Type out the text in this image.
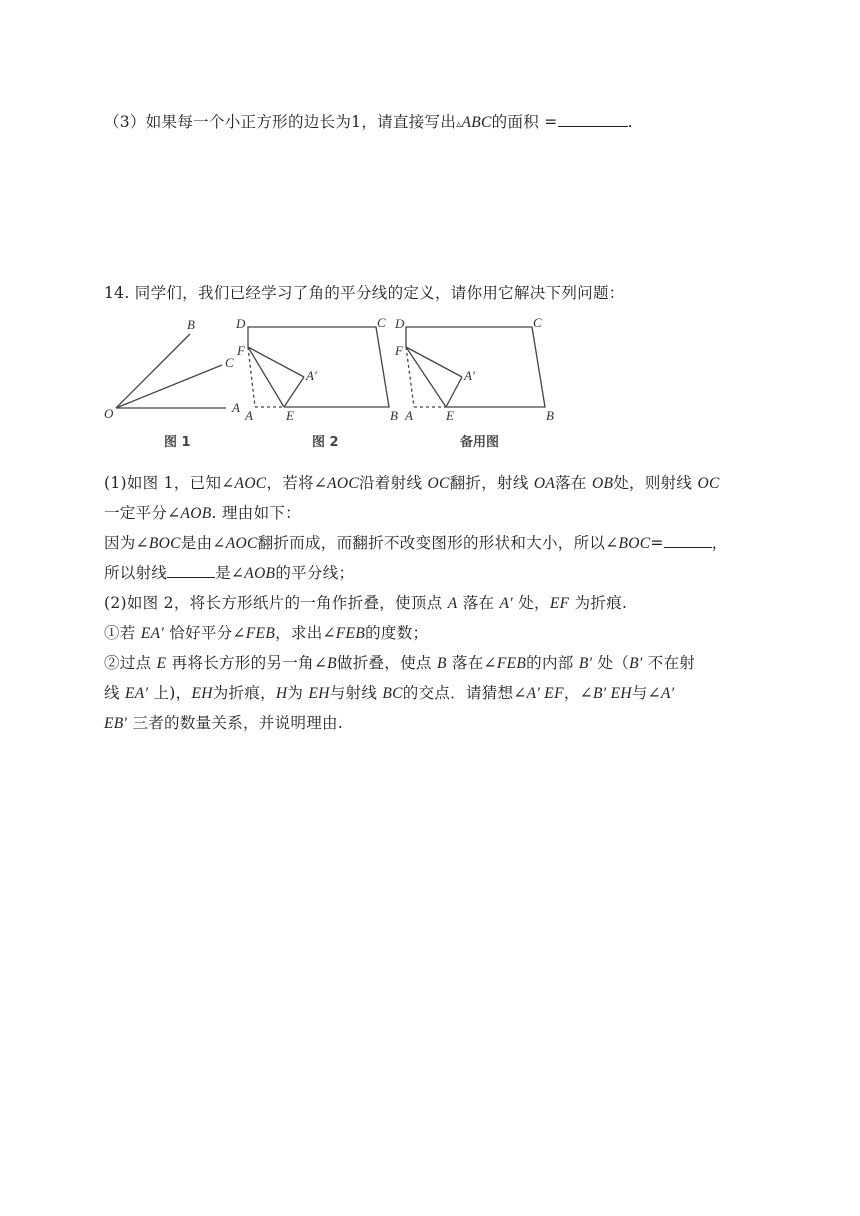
（3）如果每一个小正方形的边长为1，请直接写出▵ABC的面积 =	.
14. 同学们，我们已经学习了角的平分线的定义，请你用它解决下列问题：
O	A
B
C
图 1
D	C
F
A′
A	E	B
图 2
D	C
F
A′
A	E	B
备用图
(1)如图 1，已知∠AOC，若将∠AOC沿着射线 OC翻折，射线 OA落在 OB处，则射线 OC
一定平分∠AOB. 理由如下：
因为∠BOC是由∠AOC翻折而成，而翻折不改变图形的形状和大小，所以∠BOC=	，
所以射线	是∠AOB的平分线；
(2)如图 2，将长方形纸片的一角作折叠，使顶点 A 落在 A′ 处，EF 为折痕.
①若 EA′ 恰好平分∠FEB，求出∠FEB的度数；
②过点 E 再将长方形的另一角∠B做折叠，使点 B 落在∠FEB的内部 B′ 处（B′ 不在射
线 EA′ 上)，EH为折痕，H为 EH与射线 BC的交点．请猜想∠A′ EF，∠B′ EH与∠A′
EB′ 三者的数量关系，并说明理由.
